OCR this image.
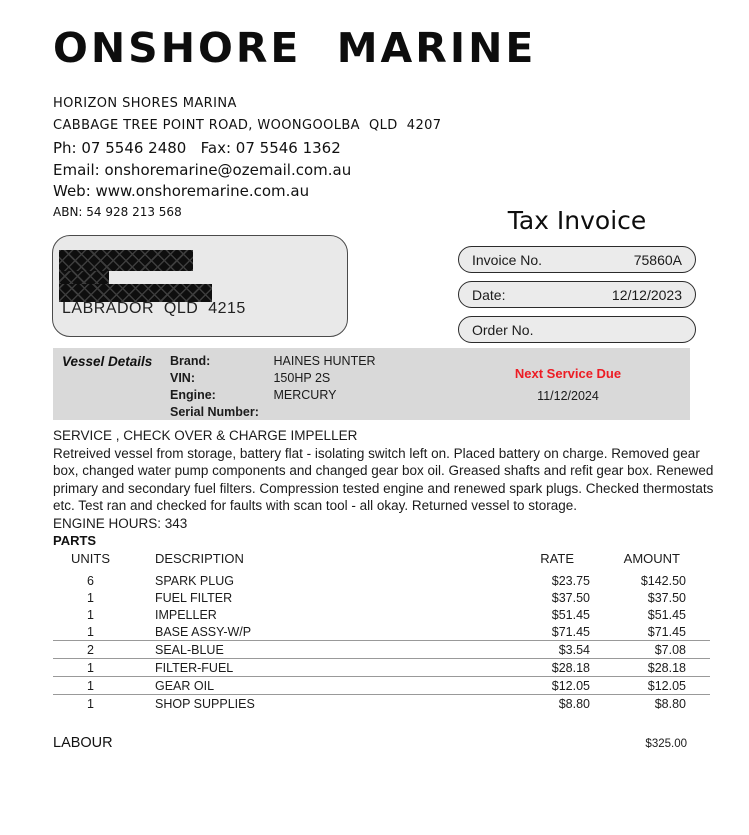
ONSHORE MARINE
HORIZON SHORES MARINA
CABBAGE TREE POINT ROAD, WOONGOOLBA  QLD  4207
Ph: 07 5546 2480   Fax: 07 5546 1362
Email: onshoremarine@ozemail.com.au
Web: www.onshoremarine.com.au
ABN: 54 928 213 568
LABRADOR  QLD  4215
Tax Invoice
Invoice No.	75860A
Date:	12/12/2023
Order No.
Vessel Details Brand:	HAINES HUNTER
VIN:	150HP 2S
Engine:	MERCURY
Serial Number:
Next Service Due
11/12/2024

SERVICE , CHECK OVER & CHARGE IMPELLER

Retreived vessel from storage, battery flat - isolating switch left on. Placed battery on charge. Removed gear box, changed water pump components and changed gear box oil. Greased shafts and refit gear box. Renewed primary and secondary fuel filters. Compression tested engine and renewed spark plugs. Checked thermostats etc. Test ran and checked for faults with scan tool - all okay. Returned vessel to storage.

ENGINE HOURS: 343

PARTS
UNITS	DESCRIPTION	RATE	AMOUNT
6	SPARK PLUG	$23.75	$142.50
1	FUEL FILTER	$37.50	$37.50
1	IMPELLER	$51.45	$51.45
1	BASE ASSY-W/P	$71.45	$71.45
2	SEAL-BLUE	$3.54	$7.08
1	FILTER-FUEL	$28.18	$28.18
1	GEAR OIL	$12.05	$12.05
1	SHOP SUPPLIES	$8.80	$8.80
LABOUR	$325.00
